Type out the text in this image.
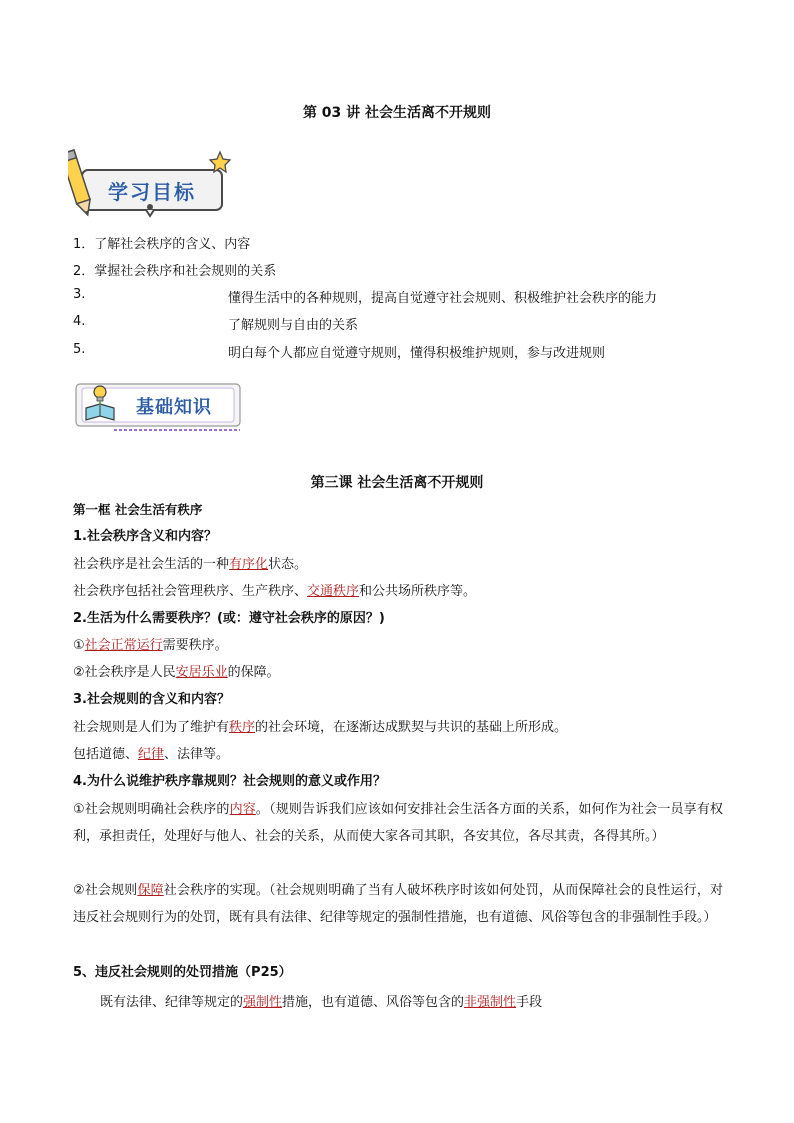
第 03 讲 社会生活离不开规则
学习目标
1．了解社会秩序的含义、内容
2．掌握社会秩序和社会规则的关系
3.	懂得生活中的各种规则，提高自觉遵守社会规则、积极维护社会秩序的能力
4.	了解规则与自由的关系
5.	明白每个人都应自觉遵守规则，懂得积极维护规则，参与改进规则
基础知识
第三课 社会生活离不开规则
第一框 社会生活有秩序
1.社会秩序含义和内容？
社会秩序是社会生活的一种有序化状态。
社会秩序包括社会管理秩序、生产秩序、交通秩序和公共场所秩序等。
2.生活为什么需要秩序？(或：遵守社会秩序的原因？)
①社会正常运行需要秩序。
②社会秩序是人民安居乐业的保障。
3.社会规则的含义和内容？
社会规则是人们为了维护有秩序的社会环境，在逐渐达成默契与共识的基础上所形成。
包括道德、纪律、法律等。
4.为什么说维护秩序靠规则？社会规则的意义或作用？
①社会规则明确社会秩序的内容。（规则告诉我们应该如何安排社会生活各方面的关系，如何作为社会一员享有权利，承担责任，处理好与他人、社会的关系，从而使大家各司其职，各安其位，各尽其责，各得其所。）
②社会规则保障社会秩序的实现。（社会规则明确了当有人破坏秩序时该如何处罚，从而保障社会的良性运行，对违反社会规则行为的处罚，既有具有法律、纪律等规定的强制性措施，也有道德、风俗等包含的非强制性手段。）
5、违反社会规则的处罚措施（P25）
既有法律、纪律等规定的强制性措施，也有道德、风俗等包含的非强制性手段
